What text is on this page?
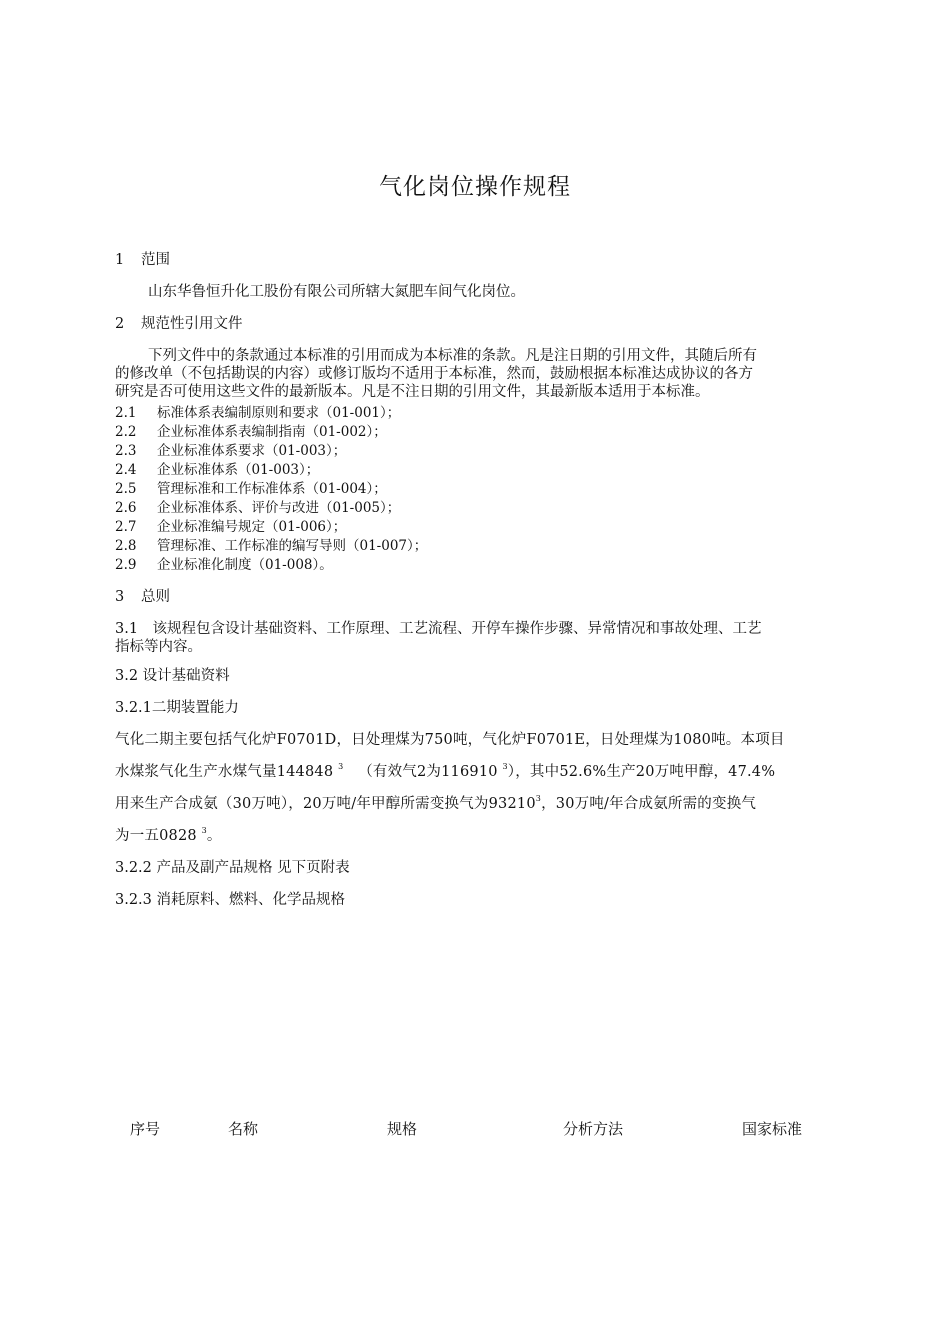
气化岗位操作规程
1 范围
山东华鲁恒升化工股份有限公司所辖大氮肥车间气化岗位。
2 规范性引用文件
下列文件中的条款通过本标准的引用而成为本标准的条款。凡是注日期的引用文件，其随后所有
的修改单（不包括勘误的内容）或修订版均不适用于本标准，然而，鼓励根据本标准达成协议的各方
研究是否可使用这些文件的最新版本。凡是不注日期的引用文件，其最新版本适用于本标准。
2.1 标准体系表编制原则和要求（01-001）；
2.2 企业标准体系表编制指南（01-002）；
2.3 企业标准体系要求（01-003）；
2.4 企业标准体系（01-003）；
2.5 管理标准和工作标准体系（01-004）；
2.6 企业标准体系、评价与改进（01-005）；
2.7 企业标准编号规定（01-006）；
2.8 管理标准、工作标准的编写导则（01-007）；
2.9 企业标准化制度（01-008）。
3 总则
3.1　该规程包含设计基础资料、工作原理、工艺流程、开停车操作步骤、异常情况和事故处理、工艺
指标等内容。
3.2 设计基础资料
3.2.1二期装置能力
气化二期主要包括气化炉F0701D，日处理煤为750吨，气化炉F0701E，日处理煤为1080吨。本项目
水煤浆气化生产水煤气量144848 $^3$ （有效气2为116910 $^3$），其中52.6%生产20万吨甲醇，47.4%
用来生产合成氨（30万吨），20万吨/年甲醇所需变换气为93210$^3$，30万吨/年合成氨所需的变换气
为一五0828 $^3$。
3.2.2 产品及副产品规格 见下页附表
3.2.3 消耗原料、燃料、化学品规格
序号	名称	规格	分析方法	国家标准
